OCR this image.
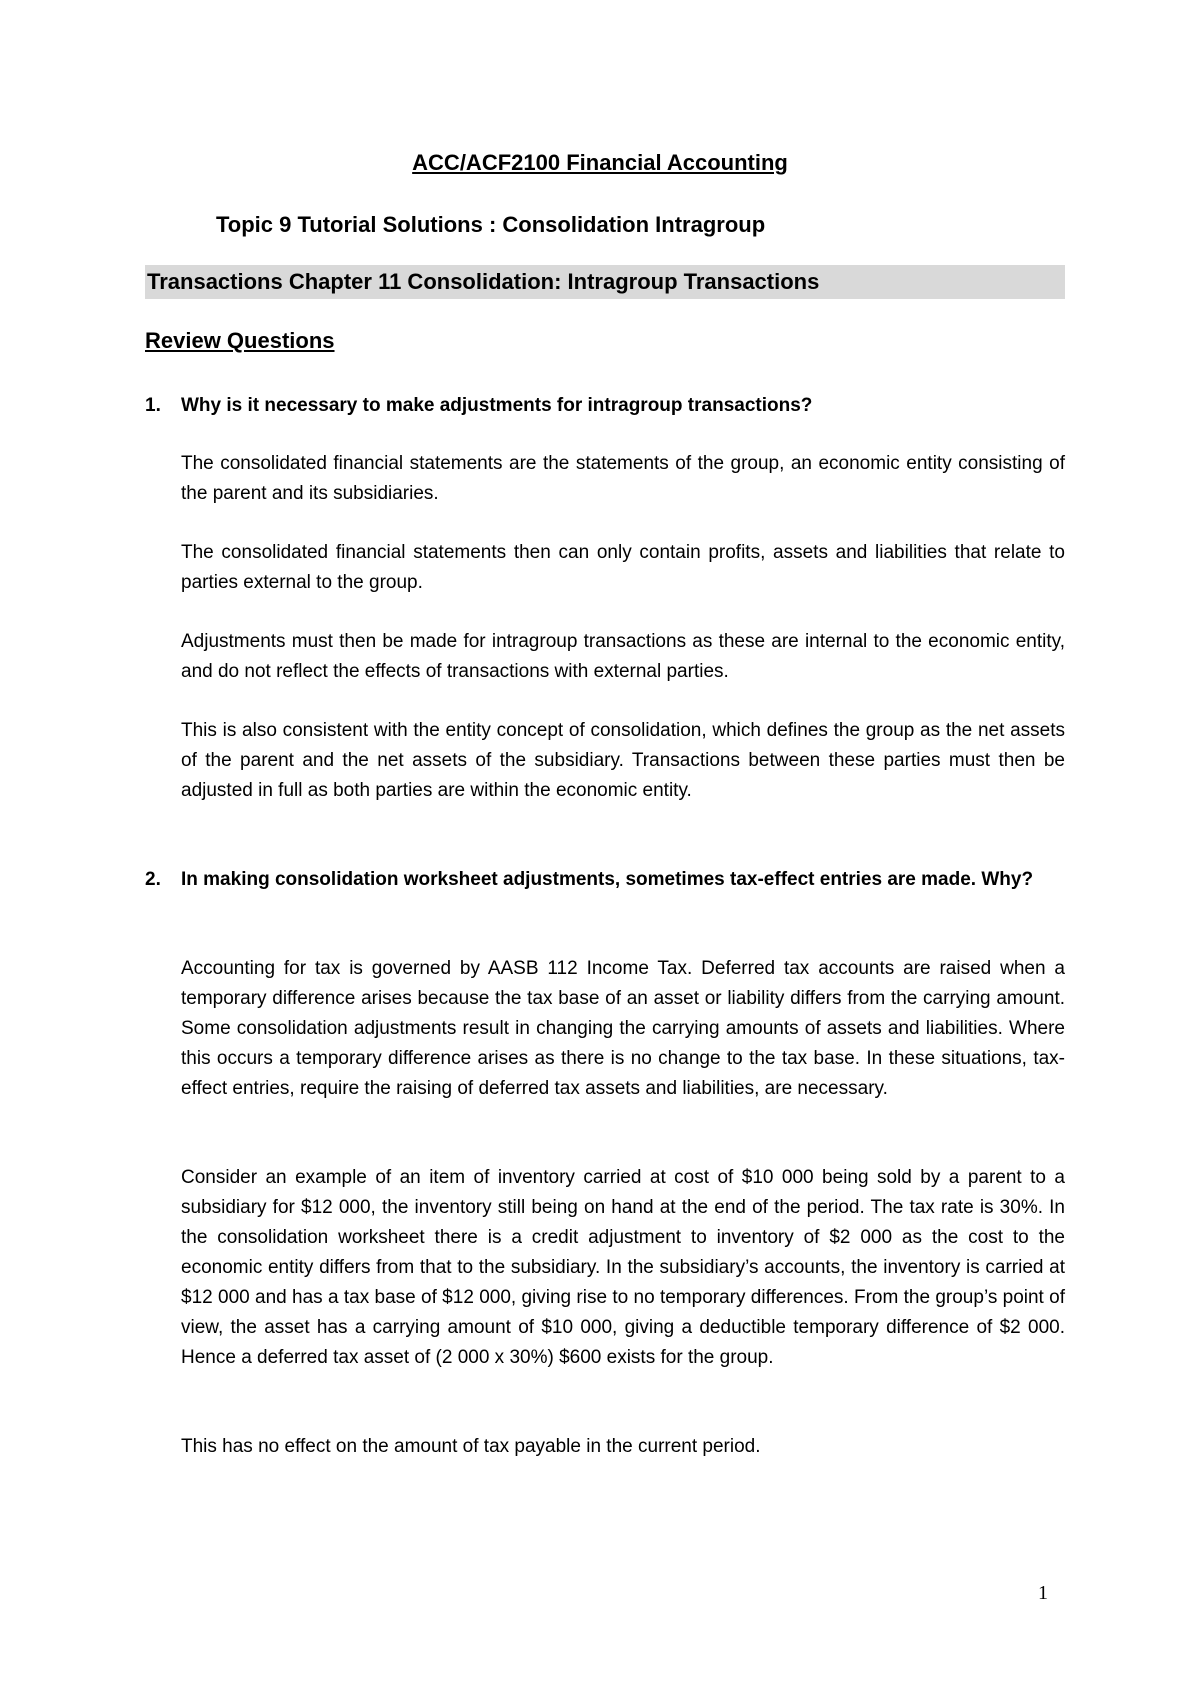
ACC/ACF2100 Financial Accounting
Topic 9 Tutorial Solutions : Consolidation Intragroup
Transactions Chapter 11 Consolidation: Intragroup Transactions
Review Questions
1. Why is it necessary to make adjustments for intragroup transactions?
The consolidated financial statements are the statements of the group, an economic entity consisting of the parent and its subsidiaries.
The consolidated financial statements then can only contain profits, assets and liabilities that relate to parties external to the group.
Adjustments must then be made for intragroup transactions as these are internal to the economic entity, and do not reflect the effects of transactions with external parties.
This is also consistent with the entity concept of consolidation, which defines the group as the net assets of the parent and the net assets of the subsidiary. Transactions between these parties must then be adjusted in full as both parties are within the economic entity.
2. In making consolidation worksheet adjustments, sometimes tax-effect entries are made. Why?
Accounting for tax is governed by AASB 112 Income Tax. Deferred tax accounts are raised when a temporary difference arises because the tax base of an asset or liability differs from the carrying amount. Some consolidation adjustments result in changing the carrying amounts of assets and liabilities. Where this occurs a temporary difference arises as there is no change to the tax base. In these situations, tax-effect entries, require the raising of deferred tax assets and liabilities, are necessary.
Consider an example of an item of inventory carried at cost of $10 000 being sold by a parent to a subsidiary for $12 000, the inventory still being on hand at the end of the period. The tax rate is 30%. In the consolidation worksheet there is a credit adjustment to inventory of $2 000 as the cost to the economic entity differs from that to the subsidiary. In the subsidiary’s accounts, the inventory is carried at $12 000 and has a tax base of $12 000, giving rise to no temporary differences. From the group’s point of view, the asset has a carrying amount of $10 000, giving a deductible temporary difference of $2 000. Hence a deferred tax asset of (2 000 x 30%) $600 exists for the group.
This has no effect on the amount of tax payable in the current period.
1
